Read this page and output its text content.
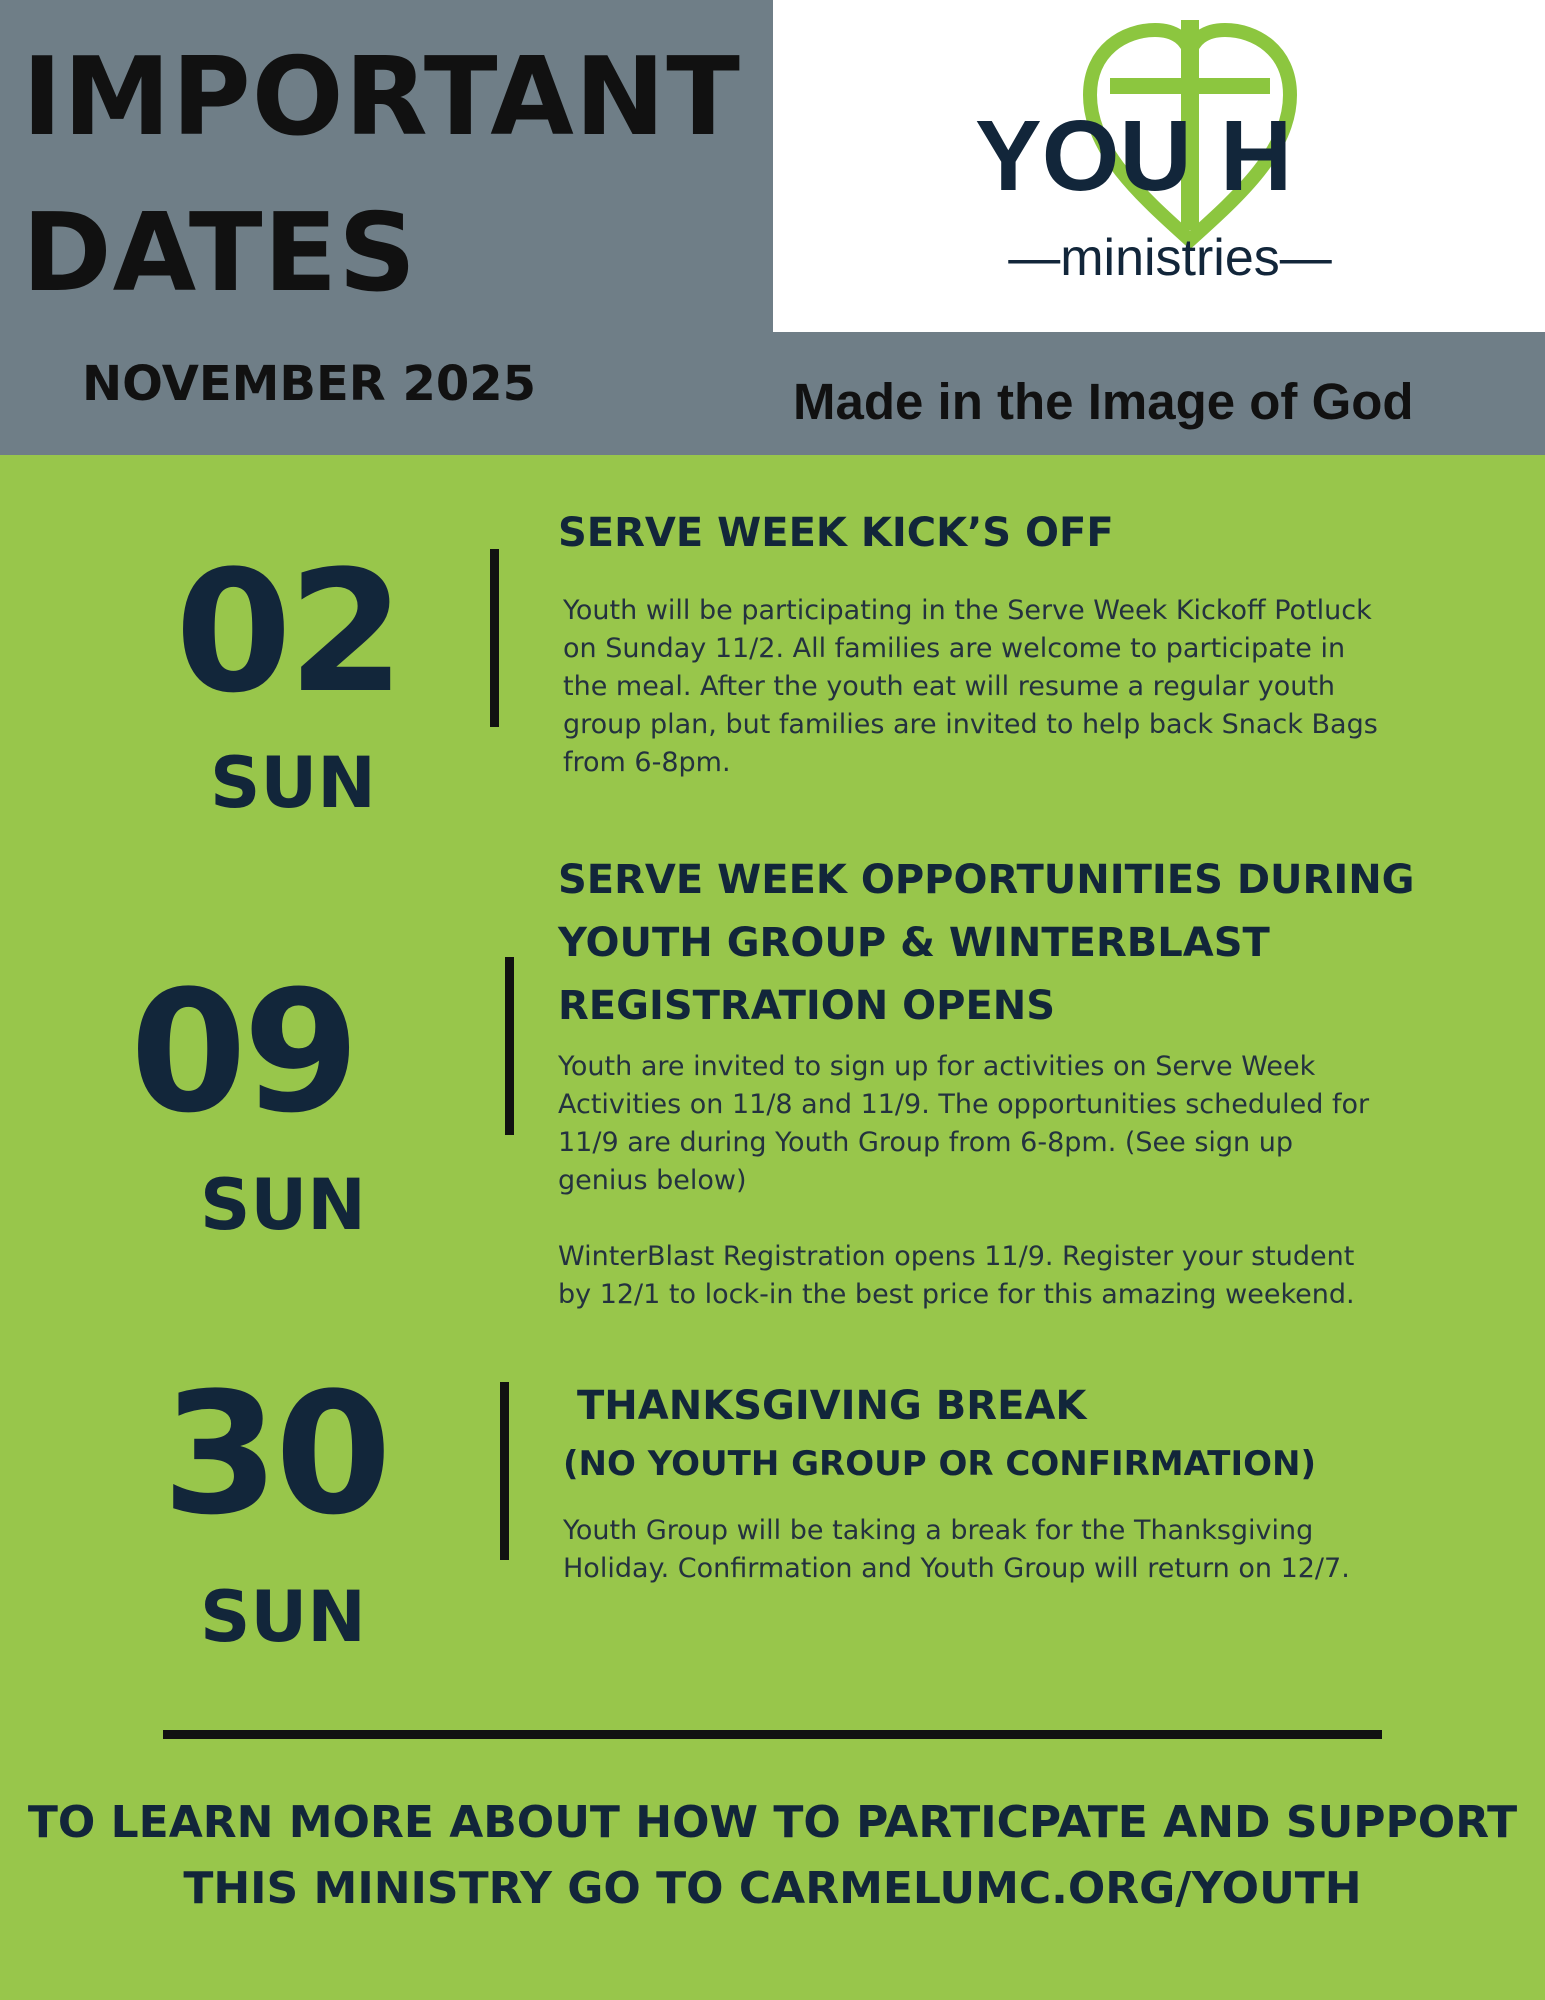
IMPORTANT
DATES
NOVEMBER 2025	Made in the Image of God
YOU H
—ministries—
02
SUN
SERVE WEEK KICK’S OFF
Youth will be participating in the Serve Week Kickoff Potluck on Sunday 11/2. All families are welcome to participate in the meal. After the youth eat will resume a regular youth group plan, but families are invited to help back Snack Bags from 6-8pm.
09
SUN
SERVE WEEK OPPORTUNITIES DURING YOUTH GROUP & WINTERBLAST REGISTRATION OPENS
Youth are invited to sign up for activities on Serve Week Activities on 11/8 and 11/9. The opportunities scheduled for 11/9 are during Youth Group from 6-8pm. (See sign up genius below)
WinterBlast Registration opens 11/9. Register your student by 12/1 to lock-in the best price for this amazing weekend.
30
SUN
THANKSGIVING BREAK
(NO YOUTH GROUP OR CONFIRMATION)
Youth Group will be taking a break for the Thanksgiving Holiday. Confirmation and Youth Group will return on 12/7.
TO LEARN MORE ABOUT HOW TO PARTICPATE AND SUPPORT THIS MINISTRY GO TO CARMELUMC.ORG/YOUTH
